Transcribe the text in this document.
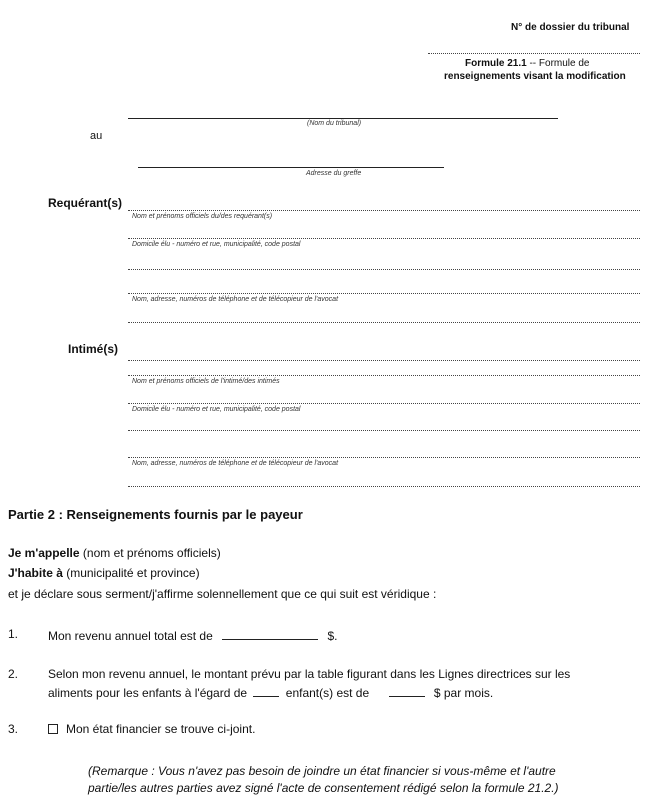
N° de dossier du tribunal
Formule 21.1 -- Formule de
renseignements visant la modification
(Nom du tribunal)
au
Adresse du greffe
Requérant(s)
Nom et prénoms officiels du/des requérant(s)
Domicile élu - numéro et rue, municipalité, code postal
Nom, adresse, numéros de téléphone et de télécopieur de l'avocat
Intimé(s)
Nom et prénoms officiels de l'intimé/des intimés
Domicile élu - numéro et rue, municipalité, code postal
Nom, adresse, numéros de téléphone et de télécopieur de l'avocat
Partie 2 : Renseignements fournis par le payeur
Je m'appelle (nom et prénoms officiels)
J'habite à (municipalité et province)
et je déclare sous serment/j'affirme solennellement que ce qui suit est véridique :
1. Mon revenu annuel total est de	$.
2. Selon mon revenu annuel, le montant prévu par la table figurant dans les Lignes directrices sur les
aliments pour les enfants à l'égard de	enfant(s) est de	$ par mois.
3.	Mon état financier se trouve ci-joint.
(Remarque : Vous n'avez pas besoin de joindre un état financier si vous-même et l'autre
partie/les autres parties avez signé l'acte de consentement rédigé selon la formule 21.2.)
